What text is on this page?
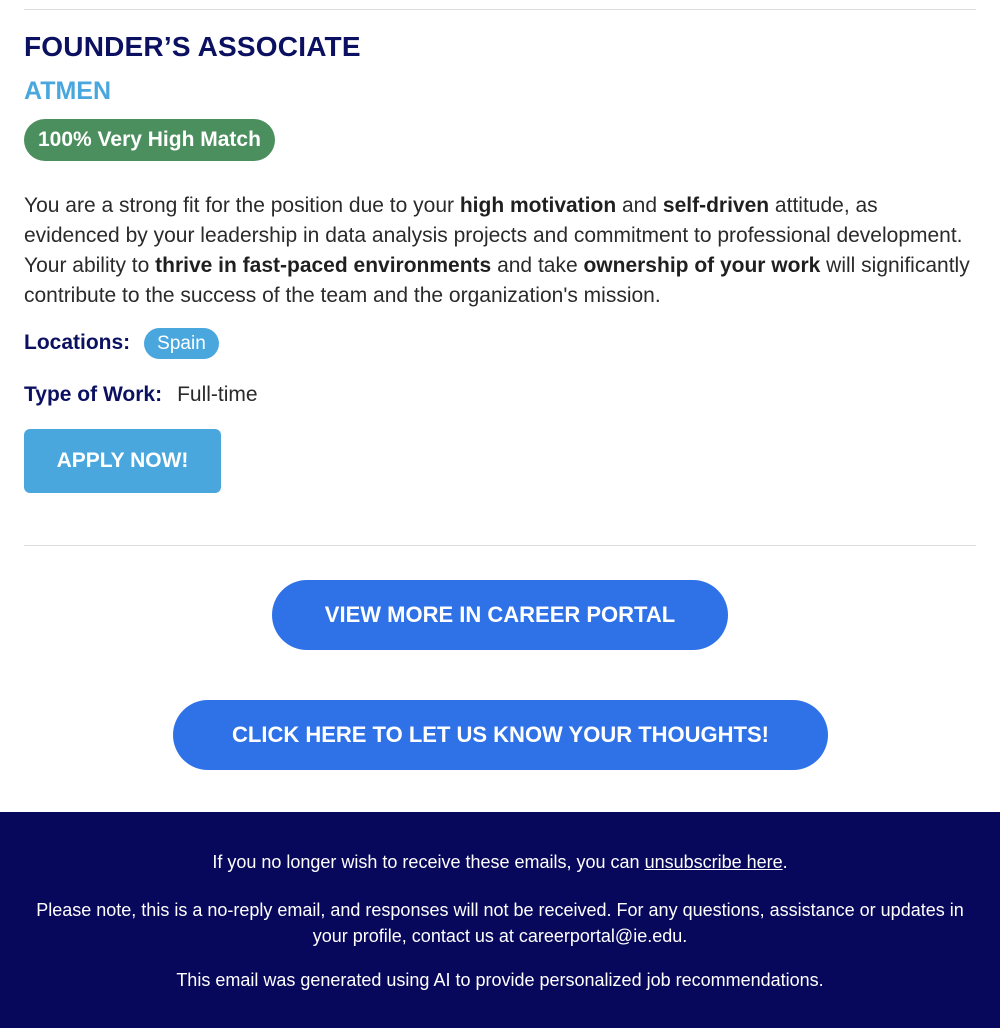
FOUNDER’S ASSOCIATE
ATMEN
100% Very High Match

You are a strong fit for the position due to your high motivation and self-driven attitude, as evidenced by your leadership in data analysis projects and commitment to professional development. Your ability to thrive in fast-paced environments and take ownership of your work will significantly contribute to the success of the team and the organization's mission.

Locations:	Spain
Type of Work: Full-time
APPLY NOW!
VIEW MORE IN CAREER PORTAL
CLICK HERE TO LET US KNOW YOUR THOUGHTS!

If you no longer wish to receive these emails, you can unsubscribe here.

Please note, this is a no-reply email, and responses will not be received. For any questions, assistance or updates in your profile, contact us at careerportal@ie.edu.

This email was generated using AI to provide personalized job recommendations.
